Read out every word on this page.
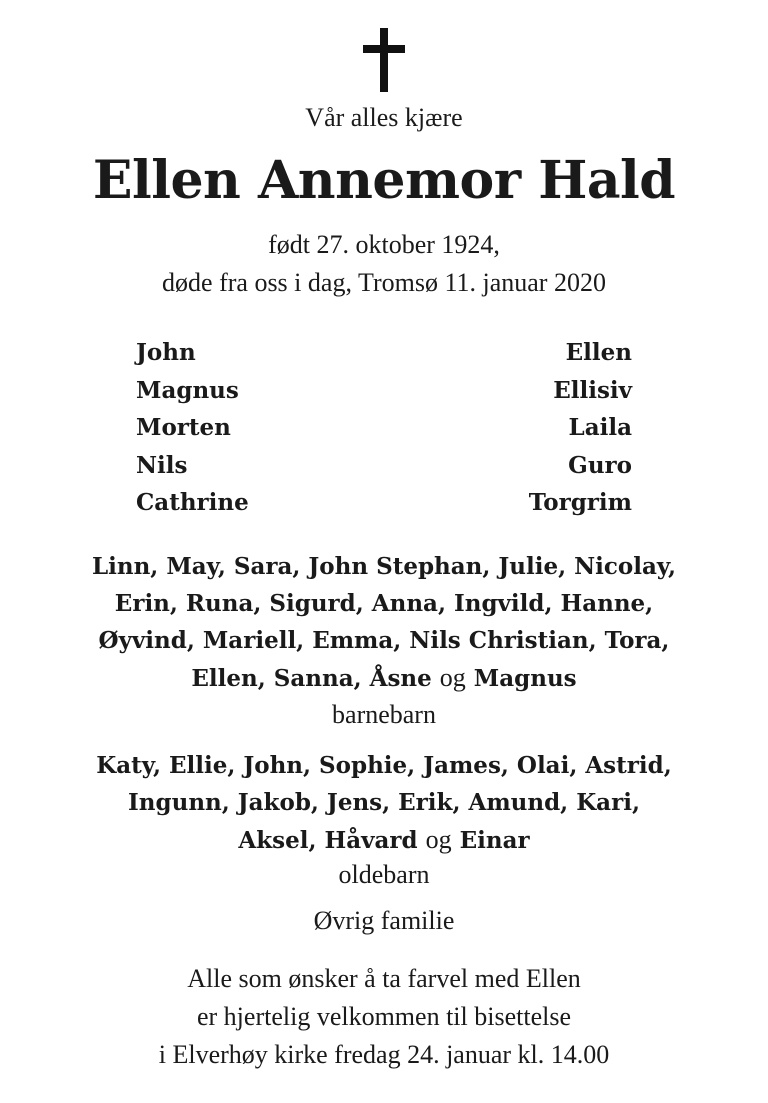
Vår alles kjære
Ellen Annemor Hald
født 27. oktober 1924,
døde fra oss i dag, Tromsø 11. januar 2020
John
Magnus
Morten
Nils
Cathrine
Ellen
Ellisiv
Laila
Guro
Torgrim
Linn, May, Sara, John Stephan, Julie, Nicolay,
Erin, Runa, Sigurd, Anna, Ingvild, Hanne,
Øyvind, Mariell, Emma, Nils Christian, Tora,
Ellen, Sanna, Åsne og Magnus
barnebarn
Katy, Ellie, John, Sophie, James, Olai, Astrid,
Ingunn, Jakob, Jens, Erik, Amund, Kari,
Aksel, Håvard og Einar
oldebarn
Øvrig familie
Alle som ønsker å ta farvel med Ellen
er hjertelig velkommen til bisettelse
i Elverhøy kirke fredag 24. januar kl. 14.00
